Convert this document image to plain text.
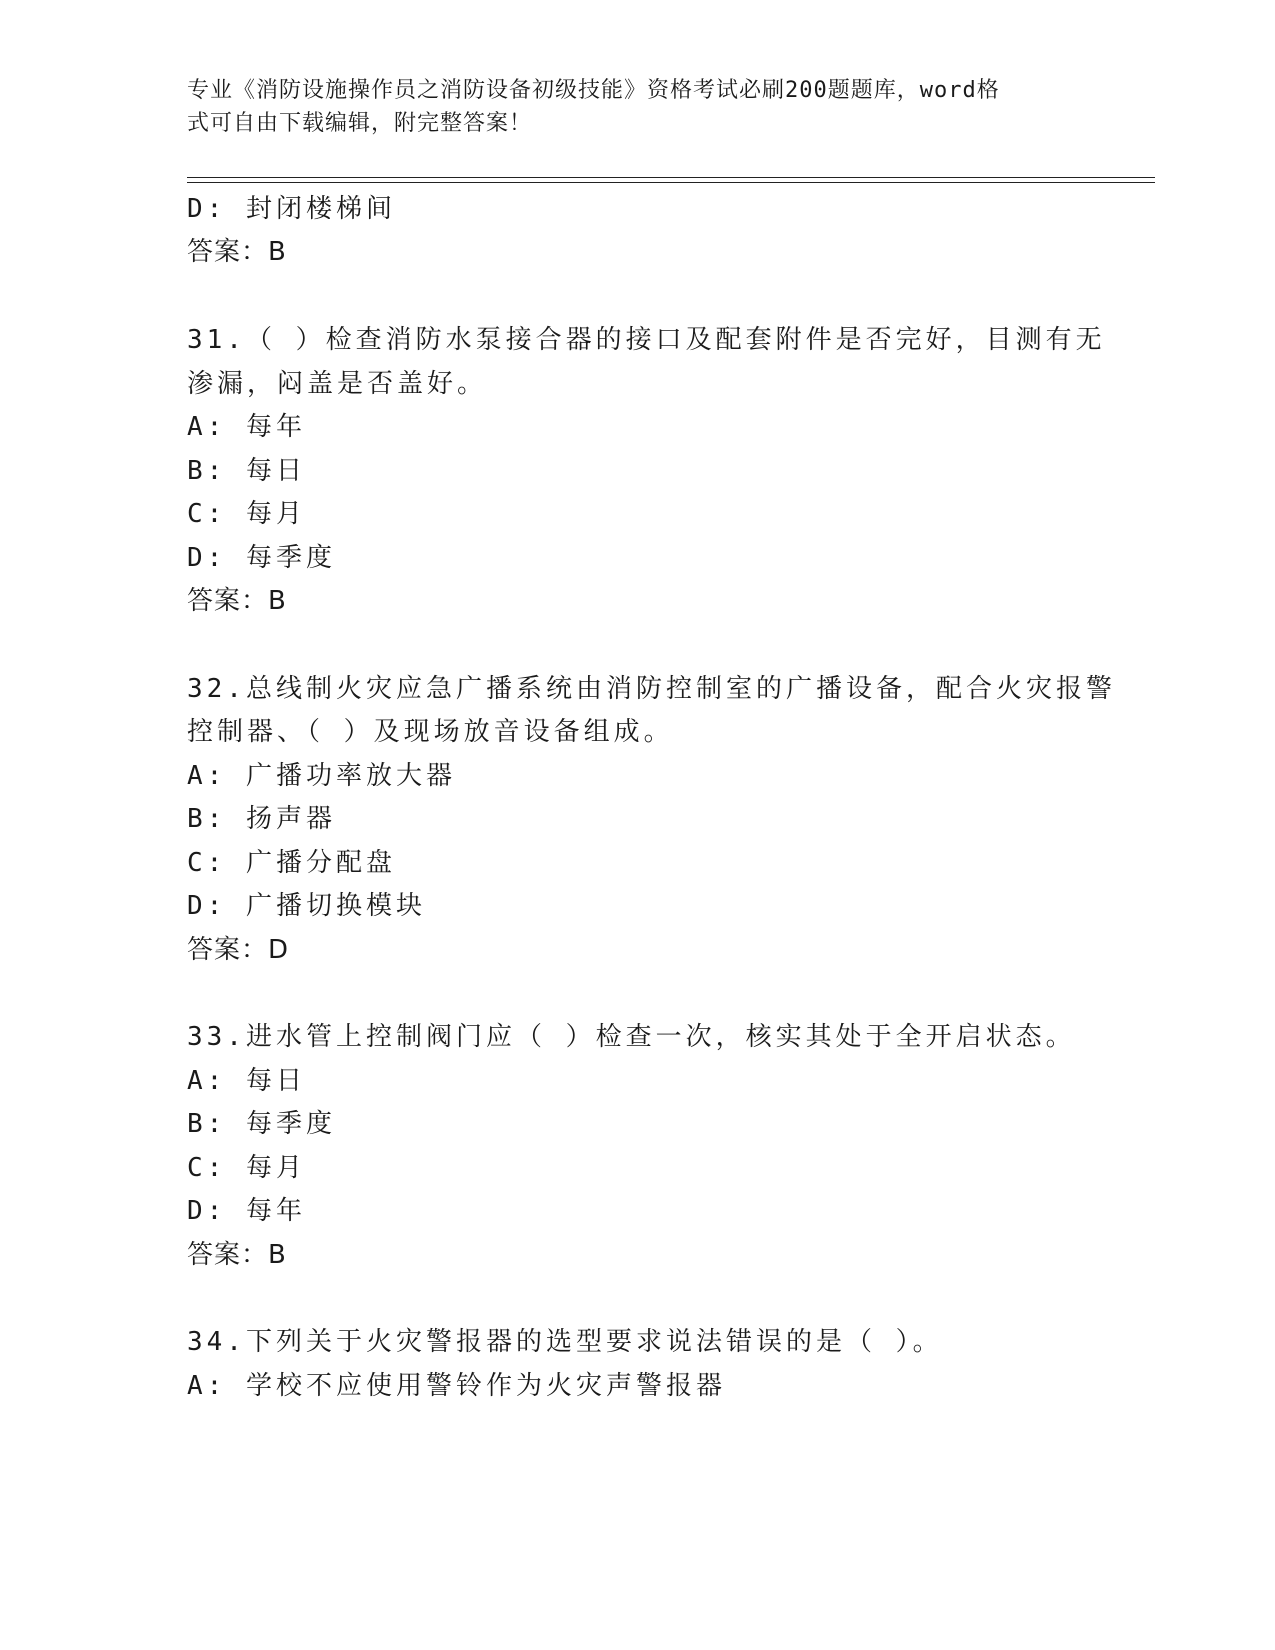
专业《消防设施操作员之消防设备初级技能》资格考试必刷200题题库，word格
式可自由下载编辑，附完整答案！
D: 封闭楼梯间
答案：B
31.（ ）检查消防水泵接合器的接口及配套附件是否完好，目测有无
渗漏，闷盖是否盖好。
A: 每年
B: 每日
C: 每月
D: 每季度
答案：B
32.总线制火灾应急广播系统由消防控制室的广播设备，配合火灾报警
控制器、（ ）及现场放音设备组成。
A: 广播功率放大器
B: 扬声器
C: 广播分配盘
D: 广播切换模块
答案：D
33.进水管上控制阀门应（ ）检查一次，核实其处于全开启状态。
A: 每日
B: 每季度
C: 每月
D: 每年
答案：B
34.下列关于火灾警报器的选型要求说法错误的是（ ）。
A: 学校不应使用警铃作为火灾声警报器
